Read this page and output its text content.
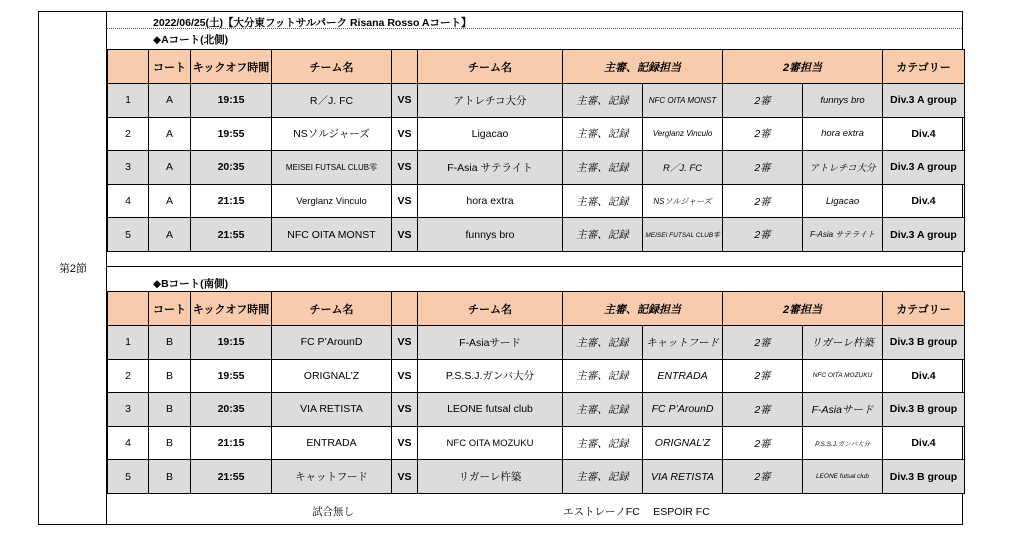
第2節
2022/06/25(土)【大分東フットサルパーク Risana Rosso Aコート】
◆Aコート(北側)
	コート	キックオフ時間	チーム名		チーム名	主審、記録担当		2審担当		カテゴリー
1	A	19:15	R／J. FC	VS	アトレチコ大分	主審、記録	NFC OITA MONST	2審	funnys bro	Div.3 A group
2	A	19:55	NSソルジャーズ	VS	Ligacao	主審、記録	Verglanz Vinculo	2審	hora extra	Div.4
3	A	20:35	MEISEI FUTSAL CLUB零	VS	F-Asia サテライト	主審、記録	R／J. FC	2審	アトレチコ大分	Div.3 A group
4	A	21:15	Verglanz Vinculo	VS	hora extra	主審、記録	NSソルジャーズ	2審	Ligacao	Div.4
5	A	21:55	NFC OITA MONST	VS	funnys bro	主審、記録	MEISEI FUTSAL CLUB零	2審	F-Asia サテライト	Div.3 A group
◆Bコート(南側)
	コート	キックオフ時間	チーム名		チーム名	主審、記録担当		2審担当		カテゴリー
1	B	19:15	FC P’ArounD	VS	F-Asiaサード	主審、記録	キャットフード	2審	リガーレ杵築	Div.3 B group
2	B	19:55	ORIGNAL’Z	VS	P.S.S.J.ガンバ大分	主審、記録	ENTRADA	2審	NFC OITA MOZUKU	Div.4
3	B	20:35	VIA RETISTA	VS	LEONE futsal club	主審、記録	FC P’ArounD	2審	F-Asiaサード	Div.3 B group
4	B	21:15	ENTRADA	VS	NFC OITA MOZUKU	主審、記録	ORIGNAL’Z	2審	P.S.S.J.ガンバ大分	Div.4
5	B	21:55	キャットフード	VS	リガーレ杵築	主審、記録	VIA RETISTA	2審	LEONE futsal club	Div.3 B group
試合無し	エストレーノFC　 ESPOIR FC
